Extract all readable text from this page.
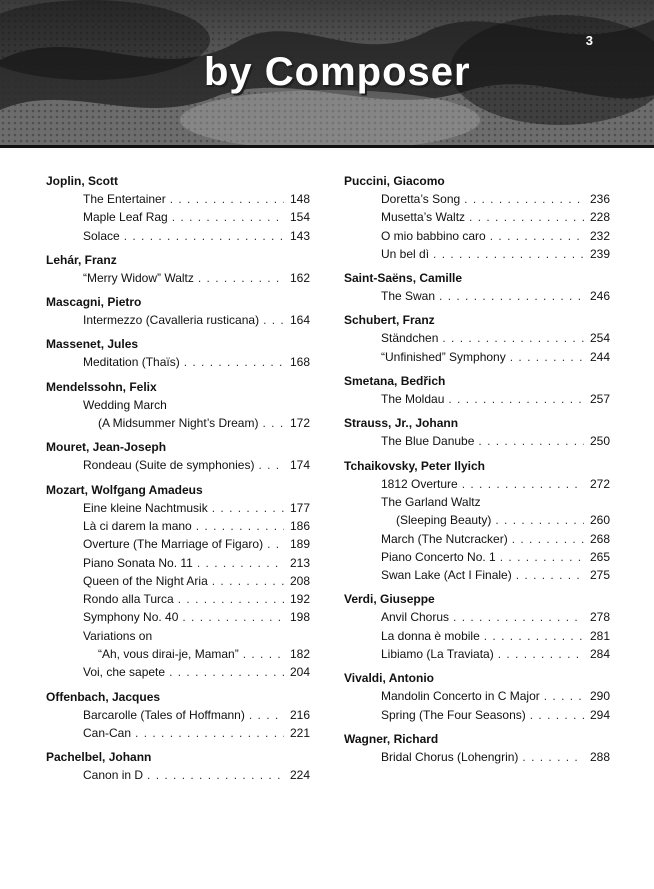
3
by Composer
Joplin, Scott
The Entertainer . . .	148
Maple Leaf Rag . . .	154
Solace . . .	143
Lehár, Franz
“Merry Widow” Waltz . . .	162
Mascagni, Pietro
Intermezzo (Cavalleria rusticana) . . .	164
Massenet, Jules
Meditation (Thaïs) . . .	168
Mendelssohn, Felix
Wedding March
(A Midsummer Night’s Dream) . . .	172
Mouret, Jean-Joseph
Rondeau (Suite de symphonies) . . .	174
Mozart, Wolfgang Amadeus
Eine kleine Nachtmusik . . .	177
Là ci darem la mano . . .	186
Overture (The Marriage of Figaro) . . . 189
Piano Sonata No. 11 . . .	213
Queen of the Night Aria . . .	208
Rondo alla Turca . . .	192
Symphony No. 40 . . .	198
Variations on
“Ah, vous dirai-je, Maman” . . .	182
Voi, che sapete . . .	204
Offenbach, Jacques
Barcarolle (Tales of Hoffmann) . . .	216
Can-Can . . .	221
Pachelbel, Johann
Canon in D . . .	224
Puccini, Giacomo
Doretta’s Song . . .	236
Musetta’s Waltz . . .	228
O mio babbino caro . . .	232
Un bel dì . . .	239
Saint-Saëns, Camille
The Swan . . .	246
Schubert, Franz
Ständchen . . .	254
“Unfinished” Symphony . . .	244
Smetana, Bedřich
The Moldau . . .	257
Strauss, Jr., Johann
The Blue Danube . . .	250
Tchaikovsky, Peter Ilyich
1812 Overture . . .	272
The Garland Waltz
(Sleeping Beauty) . . .	260
March (The Nutcracker) . . .	268
Piano Concerto No. 1 . . .	265
Swan Lake (Act I Finale) . . .	275
Verdi, Giuseppe
Anvil Chorus . . .	278
La donna è mobile . . .	281
Libiamo (La Traviata) . . .	284
Vivaldi, Antonio
Mandolin Concerto in C Major . . .	290
Spring (The Four Seasons) . . .	294
Wagner, Richard
Bridal Chorus (Lohengrin) . . .	288
